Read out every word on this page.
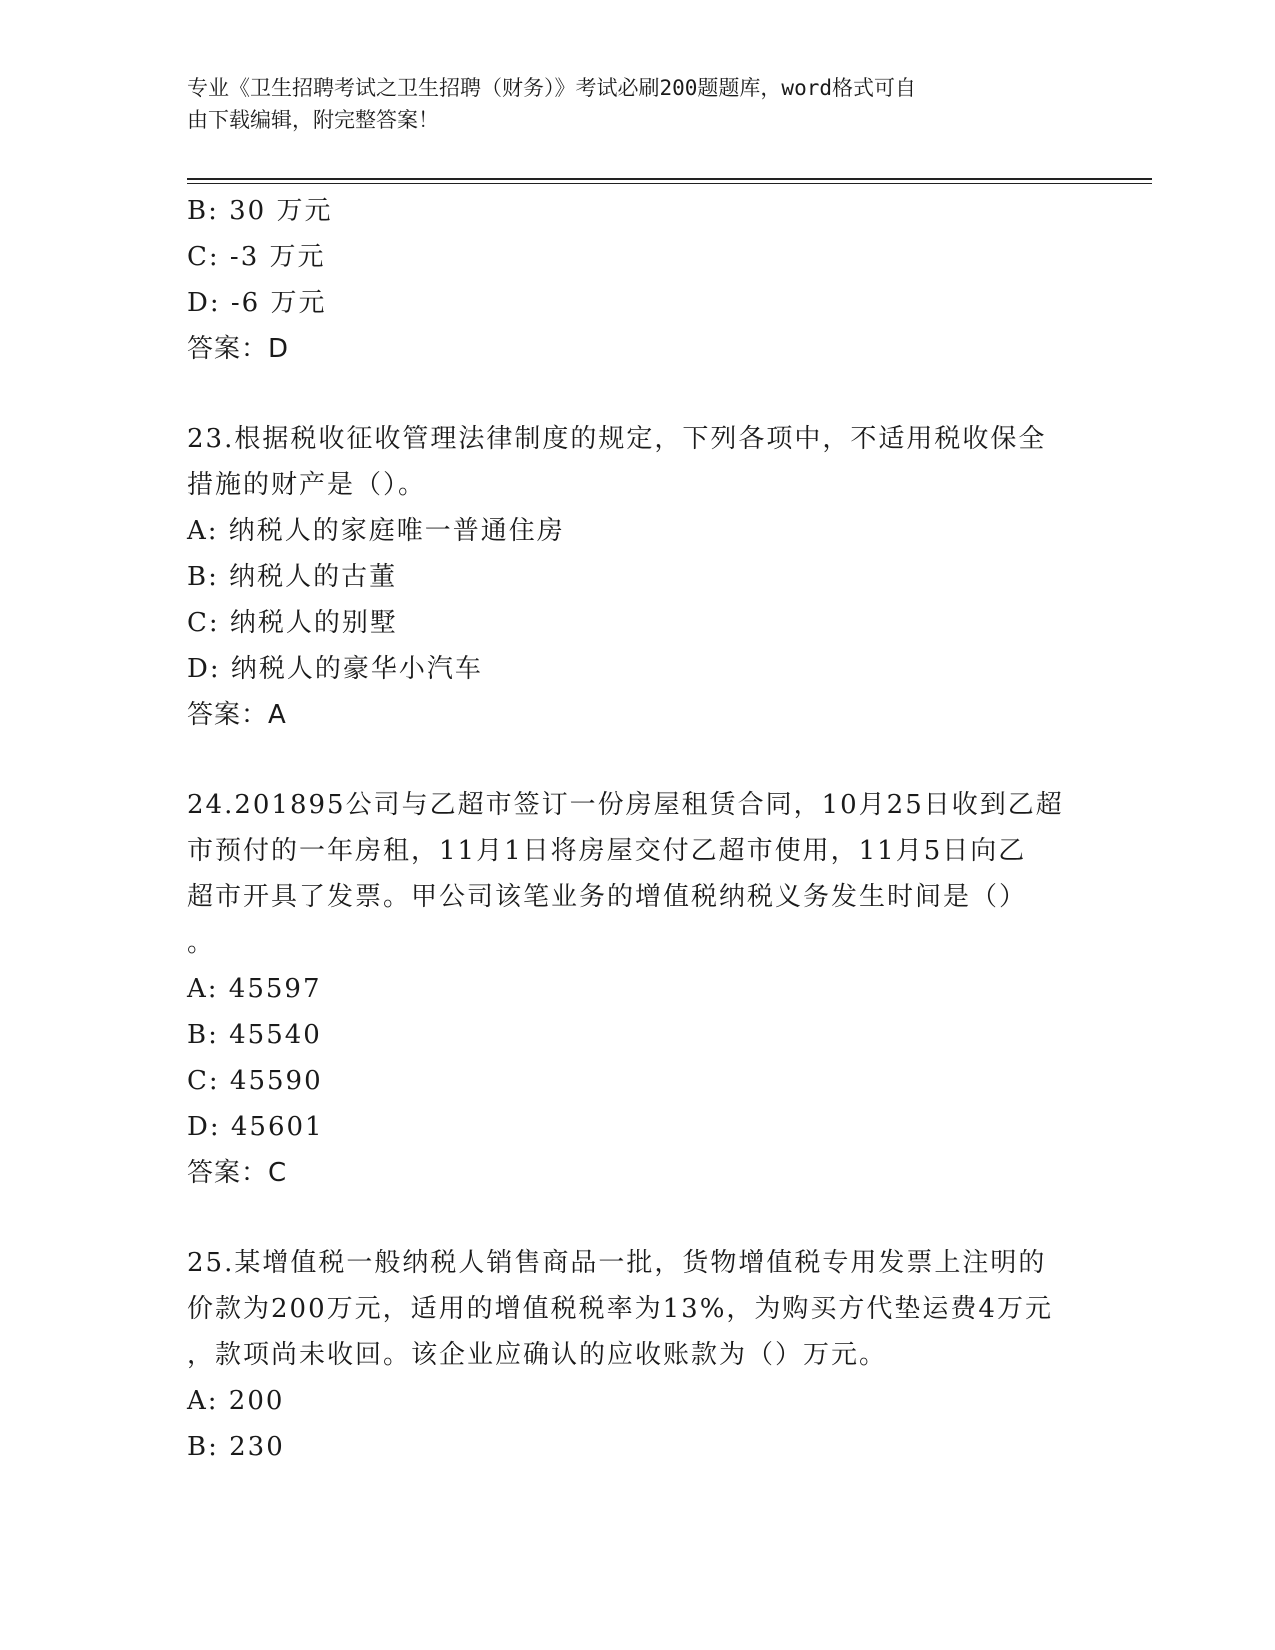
专业《卫生招聘考试之卫生招聘（财务）》考试必刷200题题库，word格式可自
由下载编辑，附完整答案！
B: 30 万元
C: -3 万元
D: -6 万元
答案：D
23.根据税收征收管理法律制度的规定，下列各项中，不适用税收保全
措施的财产是（）。
A: 纳税人的家庭唯一普通住房
B: 纳税人的古董
C: 纳税人的别墅
D: 纳税人的豪华小汽车
答案：A
24.201895公司与乙超市签订一份房屋租赁合同，10月25日收到乙超
市预付的一年房租，11月1日将房屋交付乙超市使用，11月5日向乙
超市开具了发票。甲公司该笔业务的增值税纳税义务发生时间是（）
。
A: 45597
B: 45540
C: 45590
D: 45601
答案：C
25.某增值税一般纳税人销售商品一批，货物增值税专用发票上注明的
价款为200万元，适用的增值税税率为13%，为购买方代垫运费4万元
，款项尚未收回。该企业应确认的应收账款为（）万元。
A: 200
B: 230
